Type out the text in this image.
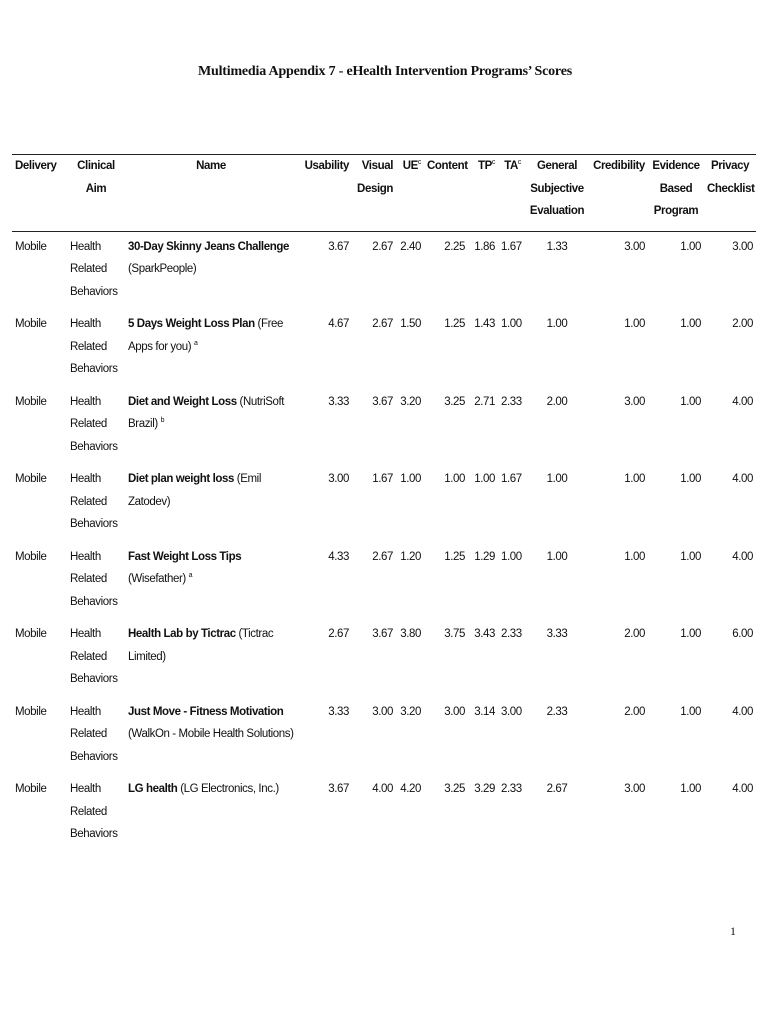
Multimedia Appendix 7 - eHealth Intervention Programs’ Scores
Delivery	Clinical Aim	Name	Usability	Visual Design	$UE^c$	Content	$TP^c$	$TA^c$	General Subjective Evaluation	Credibility	Evidence Based Program	Privacy Checklist
Mobile	Health Related Behaviors	30-Day Skinny Jeans Challenge (SparkPeople)	3.67	2.67	2.40	2.25	1.86	1.67	1.33	3.00	1.00	3.00
Mobile	Health Related Behaviors	5 Days Weight Loss Plan (Free Apps for you) $^a$	4.67	2.67	1.50	1.25	1.43	1.00	1.00	1.00	1.00	2.00
Mobile	Health Related Behaviors	Diet and Weight Loss (NutriSoft Brazil) $^b$	3.33	3.67	3.20	3.25	2.71	2.33	2.00	3.00	1.00	4.00
Mobile	Health Related Behaviors	Diet plan weight loss (Emil Zatodev)	3.00	1.67	1.00	1.00	1.00	1.67	1.00	1.00	1.00	4.00
Mobile	Health Related Behaviors	Fast Weight Loss Tips (Wisefather) $^a$	4.33	2.67	1.20	1.25	1.29	1.00	1.00	1.00	1.00	4.00
Mobile	Health Related Behaviors	Health Lab by Tictrac (Tictrac Limited)	2.67	3.67	3.80	3.75	3.43	2.33	3.33	2.00	1.00	6.00
Mobile	Health Related Behaviors	Just Move - Fitness Motivation (WalkOn - Mobile Health Solutions)	3.33	3.00	3.20	3.00	3.14	3.00	2.33	2.00	1.00	4.00
Mobile	Health Related Behaviors	LG health (LG Electronics, Inc.)	3.67	4.00	4.20	3.25	3.29	2.33	2.67	3.00	1.00	4.00
1
